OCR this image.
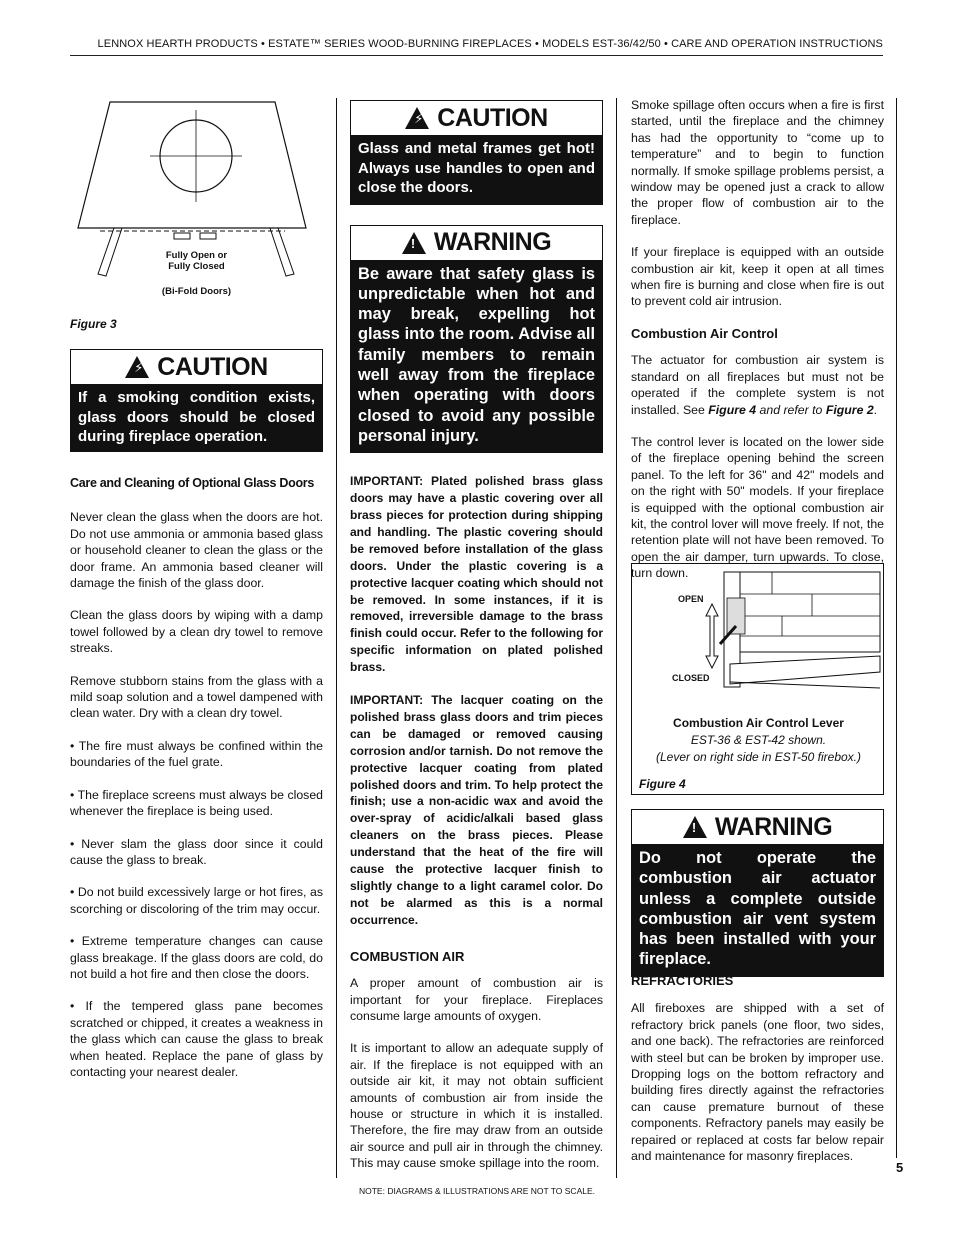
LENNOX HEARTH PRODUCTS • ESTATE™ SERIES WOOD-BURNING FIREPLACES • MODELS EST-36/42/50 • CARE AND OPERATION INSTRUCTIONS
Fully Open or
Fully Closed
(Bi-Fold Doors)
Figure 3
⚡ CAUTION
If a smoking condition exists, glass doors should be closed during fireplace operation.
Care and Cleaning of Optional Glass Doors

Never clean the glass when the doors are hot. Do not use ammonia or ammonia based glass or household cleaner to clean the glass or the door frame. An ammonia based cleaner will damage the finish of the glass door.

Clean the glass doors by wiping with a damp towel followed by a clean dry towel to remove streaks.

Remove stubborn stains from the glass with a mild soap solution and a towel dampened with clean water. Dry with a clean dry towel.

• The fire must always be confined within the boundaries of the fuel grate.

• The fireplace screens must always be closed whenever the fireplace is being used.

• Never slam the glass door since it could cause the glass to break.

• Do not build excessively large or hot fires, as scorching or discoloring of the trim may occur.

• Extreme temperature changes can cause glass breakage. If the glass doors are cold, do not build a hot fire and then close the doors.

• If the tempered glass pane becomes scratched or chipped, it creates a weakness in the glass which can cause the glass to break when heated. Replace the pane of glass by contacting your nearest dealer.

⚡ CAUTION
Glass and metal frames get hot! Always use handles to open and close the doors.
! WARNING
Be aware that safety glass is unpredictable when hot and may break, expelling hot glass into the room. Advise all family members to remain well away from the fireplace when operating with doors closed to avoid any possible personal injury.

IMPORTANT: Plated polished brass glass doors may have a plastic covering over all brass pieces for protection during shipping and handling. The plastic covering should be removed before installation of the glass doors. Under the plastic covering is a protective lacquer coating which should not be removed. In some instances, if it is removed, irreversible damage to the brass finish could occur. Refer to the following for specific information on plated polished brass.

IMPORTANT: The lacquer coating on the polished brass glass doors and trim pieces can be damaged or removed causing corrosion and/or tarnish. Do not remove the protective lacquer coating from plated polished doors and trim. To help protect the finish; use a non-acidic wax and avoid the over-spray of acidic/alkali based glass cleaners on the brass pieces. Please understand that the heat of the fire will cause the protective lacquer finish to slightly change to a light caramel color. Do not be alarmed as this is a normal occurrence.

COMBUSTION AIR

A proper amount of combustion air is important for your fireplace. Fireplaces consume large amounts of oxygen.

It is important to allow an adequate supply of air. If the fireplace is not equipped with an outside air kit, it may not obtain sufficient amounts of combustion air from inside the house or structure in which it is installed. Therefore, the fire may draw from an outside air source and pull air in through the chimney. This may cause smoke spillage into the room.

Smoke spillage often occurs when a fire is first started, until the fireplace and the chimney has had the opportunity to “come up to temperature” and to begin to function normally. If smoke spillage problems persist, a window may be opened just a crack to allow the proper flow of combustion air to the fireplace.

If your fireplace is equipped with an outside combustion air kit, keep it open at all times when fire is burning and close when fire is out to prevent cold air intrusion.

Combustion Air Control

The actuator for combustion air system is standard on all fireplaces but must not be operated if the complete system is not installed. See Figure 4 and refer to Figure 2.

The control lever is located on the lower side of the fireplace opening behind the screen panel. To the left for 36" and 42" models and on the right with 50" models. If your fireplace is equipped with the optional combustion air kit, the control lover will move freely. If not, the retention plate will not have been removed. To open the air damper, turn upwards. To close, turn down.

OPEN
CLOSED
Combustion Air Control Lever
EST-36 & EST-42 shown.
(Lever on right side in EST-50 firebox.)
Figure 4
! WARNING
Do not operate the combustion air actuator unless a complete outside combustion air vent system has been installed with your fireplace.
REFRACTORIES

All fireboxes are shipped with a set of refractory brick panels (one floor, two sides, and one back). The refractories are reinforced with steel but can be broken by improper use. Dropping logs on the bottom refractory and building fires directly against the refractories can cause premature burnout of these components. Refractory panels may easily be repaired or replaced at costs far below repair and maintenance for masonry fireplaces.

5
NOTE: DIAGRAMS & ILLUSTRATIONS ARE NOT TO SCALE.
